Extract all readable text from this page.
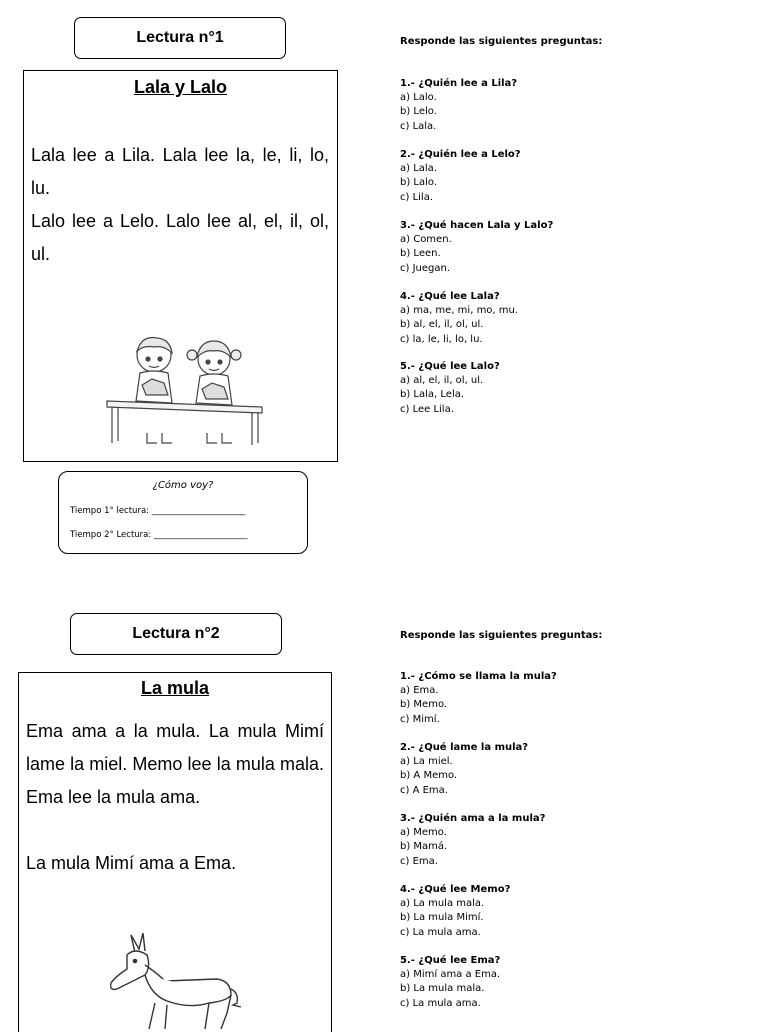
Lectura n°1
Lala y Lalo

Lala lee a Lila. Lala lee la, le, li, lo, lu.

Lalo lee a Lelo. Lalo lee al, el, il, ol, ul.

¿Cómo voy?
Tiempo 1° lectura: ______________________
Tiempo 2° Lectura: ______________________
Responde las siguientes preguntas:
1.- ¿Quién lee a Lila?
a) Lalo.
b) Lelo.
c) Lala.
2.- ¿Quién lee a Lelo?
a) Lala.
b) Lalo.
c) Lila.
3.- ¿Qué hacen Lala y Lalo?
a) Comen.
b) Leen.
c) Juegan.
4.- ¿Qué lee Lala?
a) ma, me, mi, mo, mu.
b) al, el, il, ol, ul.
c) la, le, li, lo, lu.
5.- ¿Qué lee Lalo?
a) al, el, il, ol, ul.
b) Lala, Lela.
c) Lee Lila.
Lectura n°2
La mula

Ema ama a la mula. La mula Mimí lame la miel. Memo lee la mula mala. Ema lee la mula ama.

La mula Mimí ama a Ema.

Responde las siguientes preguntas:
1.- ¿Cómo se llama la mula?
a) Ema.
b) Memo.
c) Mimí.
2.- ¿Qué lame la mula?
a) La miel.
b) A Memo.
c) A Ema.
3.- ¿Quién ama a la mula?
a) Memo.
b) Mamá.
c) Ema.
4.- ¿Qué lee Memo?
a) La mula mala.
b) La mula Mimí.
c) La mula ama.
5.- ¿Qué lee Ema?
a) Mimí ama a Ema.
b) La mula mala.
c) La mula ama.
